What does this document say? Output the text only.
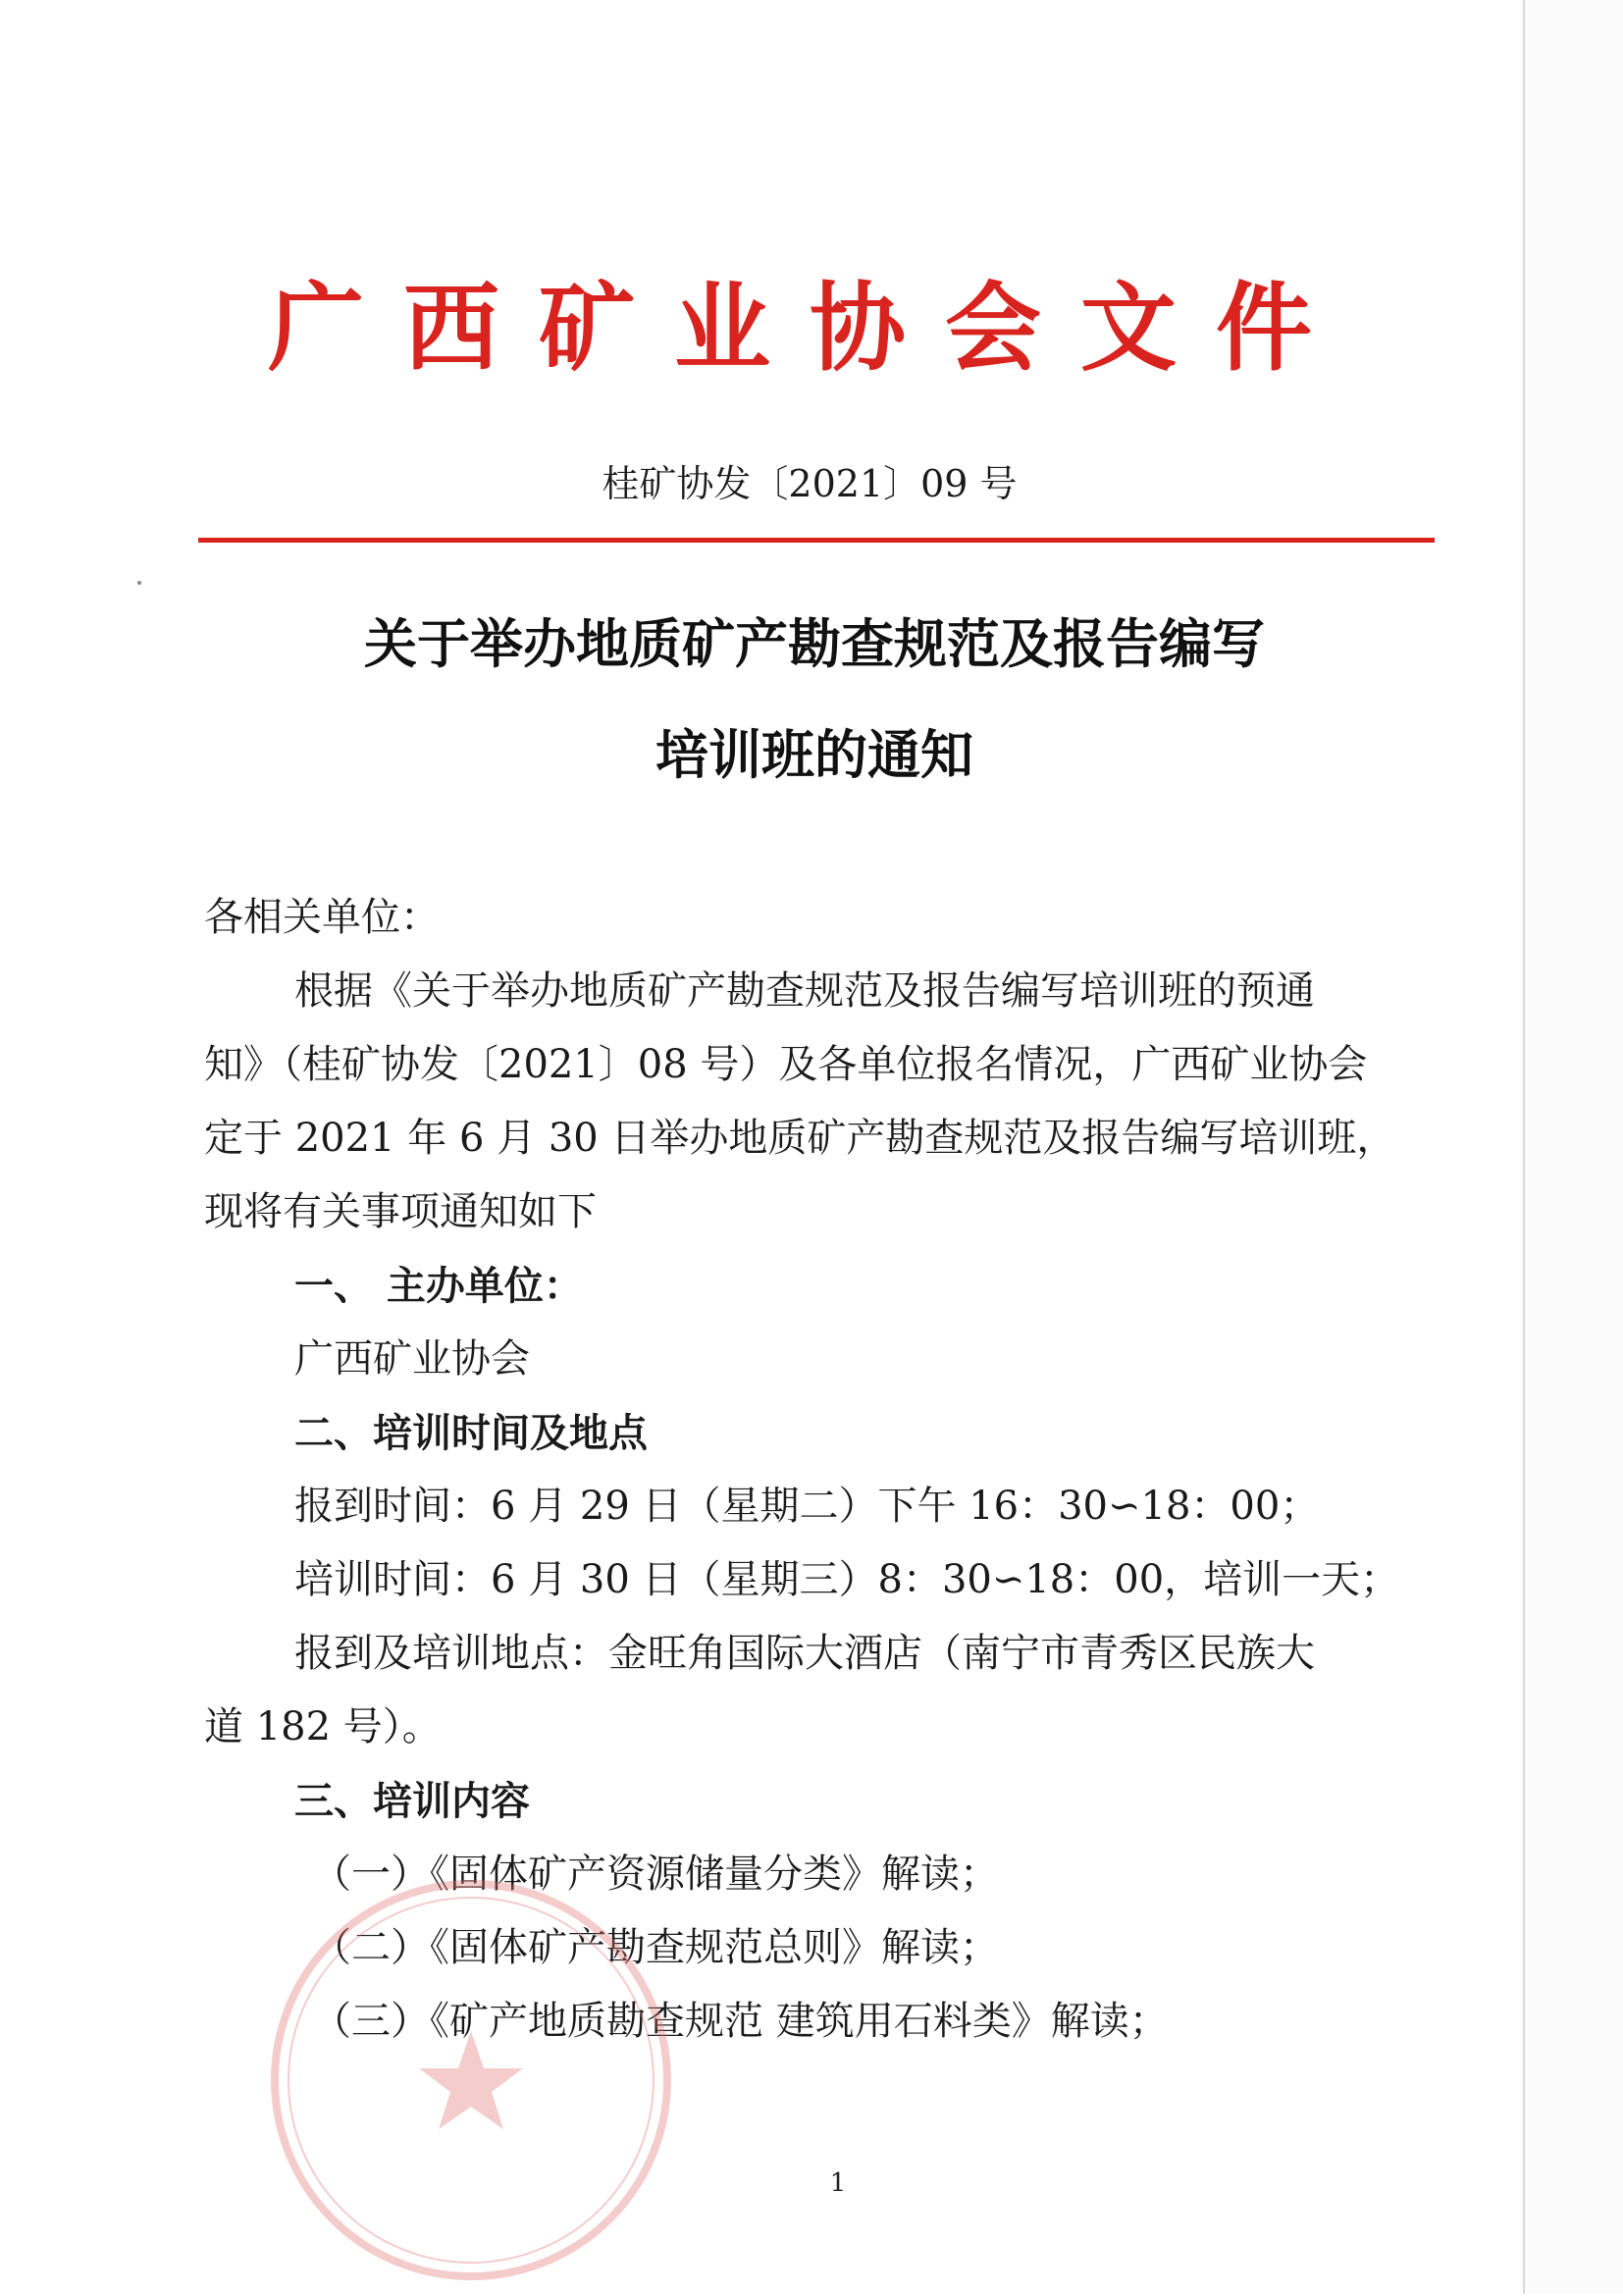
广西矿业协会文件
桂矿协发〔2021〕09 号
关于举办地质矿产勘查规范及报告编写
培训班的通知

各相关单位：

根据《关于举办地质矿产勘查规范及报告编写培训班的预通

知》（桂矿协发〔2021〕08 号）及各单位报名情况，广西矿业协会

定于 2021 年 6 月 30 日举办地质矿产勘查规范及报告编写培训班，

现将有关事项通知如下

一、 主办单位：

广西矿业协会

二、培训时间及地点

报到时间：6 月 29 日（星期二）下午 16：30∽18：00；

培训时间：6 月 30 日（星期三）8：30∽18：00，培训一天；

报到及培训地点：金旺角国际大酒店（南宁市青秀区民族大

道 182 号）。

三、培训内容

（一）《固体矿产资源储量分类》解读；

（二）《固体矿产勘查规范总则》解读；

（三）《矿产地质勘查规范 建筑用石料类》解读；

1
